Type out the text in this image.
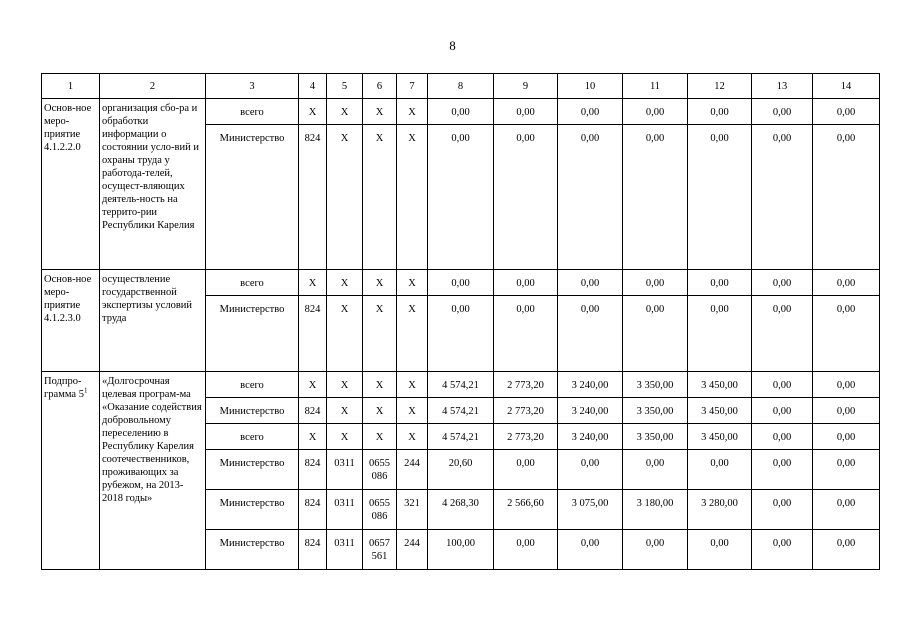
8
1	2	3	4	5	6	7	8	9	10	11	12	13	14
Основ-ное меро-приятие 4.1.2.2.0	организация сбо-ра и обработки информации о состоянии усло-вий и охраны труда у работода-телей, осущест-вляющих деятель-ность на террито-рии Республики Карелия	всего	Х	Х	Х	Х	0,00	0,00	0,00	0,00	0,00	0,00	0,00
		Министерство	824	Х	Х	Х	0,00	0,00	0,00	0,00	0,00	0,00	0,00
Основ-ное меро-приятие 4.1.2.3.0	осуществление государственной экспертизы условий труда	всего	Х	Х	Х	Х	0,00	0,00	0,00	0,00	0,00	0,00	0,00
		Министерство	824	Х	Х	Х	0,00	0,00	0,00	0,00	0,00	0,00	0,00
Подпро-грамма $5^1$	«Долгосрочная целевая програм-ма «Оказание содействия добровольному переселению в Республику Карелия соотечественников, проживающих за рубежом, на 2013-2018 годы»	всего	Х	Х	Х	Х	4 574,21	2 773,20	3 240,00	3 350,00	3 450,00	0,00	0,00
		Министерство	824	Х	Х	Х	4 574,21	2 773,20	3 240,00	3 350,00	3 450,00	0,00	0,00
		всего	Х	Х	Х	Х	4 574,21	2 773,20	3 240,00	3 350,00	3 450,00	0,00	0,00
		Министерство	824	0311	0655 086	244	20,60	0,00	0,00	0,00	0,00	0,00	0,00
		Министерство	824	0311	0655 086	321	4 268,30	2 566,60	3 075,00	3 180,00	3 280,00	0,00	0,00
		Министерство	824	0311	0657 561	244	100,00	0,00	0,00	0,00	0,00	0,00	0,00
